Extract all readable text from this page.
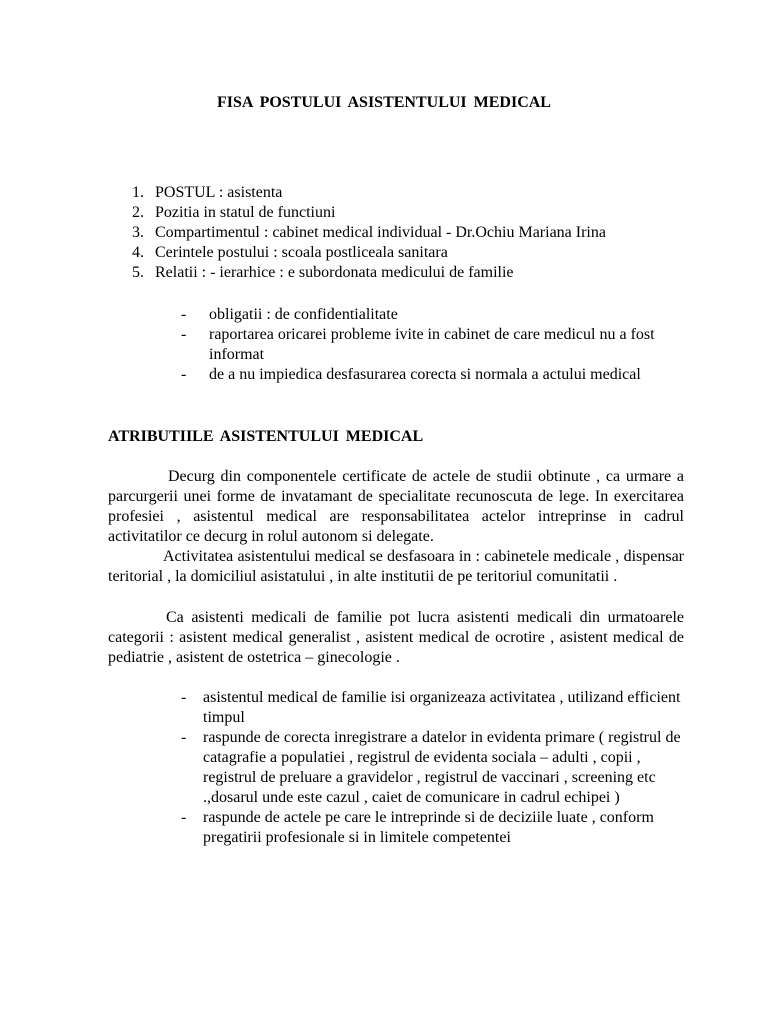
FISA POSTULUI ASISTENTULUI MEDICAL
1. POSTUL : asistenta
2. Pozitia in statul de functiuni
3. Compartimentul : cabinet medical individual - Dr.Ochiu Mariana Irina
4. Cerintele postului : scoala postliceala sanitara
5. Relatii : - ierarhice : e subordonata medicului de familie
- obligatii : de confidentialitate
- raportarea oricarei probleme ivite in cabinet de care medicul nu a fost informat
- de a nu impiedica desfasurarea corecta si normala a actului medical
ATRIBUTIILE ASISTENTULUI MEDICAL

Decurg din componentele certificate de actele de studii obtinute , ca urmare a parcurgerii unei forme de invatamant de specialitate recunoscuta de lege. In exercitarea profesiei , asistentul medical are responsabilitatea actelor intreprinse in cadrul activitatilor ce decurg in rolul autonom si delegate.

Activitatea asistentului medical se desfasoara in : cabinetele medicale , dispensar teritorial , la domiciliul asistatului , in alte institutii de pe teritoriul comunitatii .

Ca asistenti medicali de familie pot lucra asistenti medicali din urmatoarele categorii : asistent medical generalist , asistent medical de ocrotire , asistent medical de pediatrie , asistent de ostetrica – ginecologie .

- asistentul medical de familie isi organizeaza activitatea , utilizand efficient timpul
- raspunde de corecta inregistrare a datelor in evidenta primare ( registrul de catagrafie a populatiei , registrul de evidenta sociala – adulti , copii , registrul de preluare a gravidelor , registrul de vaccinari , screening etc .,dosarul unde este cazul , caiet de comunicare in cadrul echipei )
- raspunde de actele pe care le intreprinde si de deciziile luate , conform pregatirii profesionale si in limitele competentei
